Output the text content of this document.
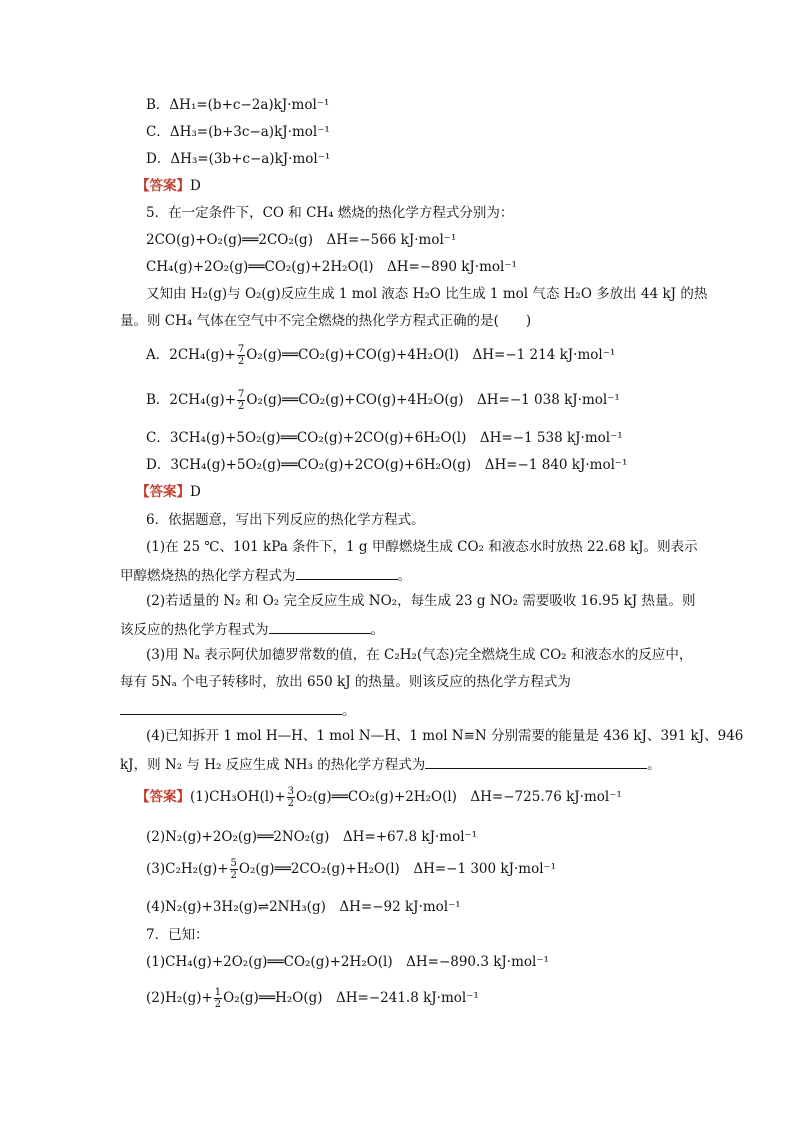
B．ΔH₁=(b+c−2a)kJ·mol⁻¹
C．ΔH₃=(b+3c−a)kJ·mol⁻¹
D．ΔH₃=(3b+c−a)kJ·mol⁻¹
【答案】D
5．在一定条件下，CO 和 CH₄ 燃烧的热化学方程式分别为：
2CO(g)+O₂(g)══2CO₂(g)　ΔH=−566 kJ·mol⁻¹
CH₄(g)+2O₂(g)══CO₂(g)+2H₂O(l)　ΔH=−890 kJ·mol⁻¹
又知由 H₂(g)与 O₂(g)反应生成 1 mol 液态 H₂O 比生成 1 mol 气态 H₂O 多放出 44 kJ 的热
量。则 CH₄ 气体在空气中不完全燃烧的热化学方程式正确的是(　　)
A．$2CH_4(g)+ \frac{7}{2}$ O₂(g)══CO₂(g)+CO(g)+4H₂O(l)　ΔH=−1 214 kJ·mol⁻¹
B．$2CH_4(g)+ \frac{7}{2}$ O₂(g)══CO₂(g)+CO(g)+4H₂O(g)　ΔH=−1 038 kJ·mol⁻¹
C．3CH₄(g)+5O₂(g)══CO₂(g)+2CO(g)+6H₂O(l)　ΔH=−1 538 kJ·mol⁻¹
D．3CH₄(g)+5O₂(g)══CO₂(g)+2CO(g)+6H₂O(g)　ΔH=−1 840 kJ·mol⁻¹
【答案】D
6．依据题意，写出下列反应的热化学方程式。
(1)在 25 ℃、101 kPa 条件下，1 g 甲醇燃烧生成 CO₂ 和液态水时放热 22.68 kJ。则表示
甲醇燃烧热的热化学方程式为	。
(2)若适量的 N₂ 和 O₂ 完全反应生成 NO₂，每生成 23 g NO₂ 需要吸收 16.95 kJ 热量。则
该反应的热化学方程式为	。
(3)用 Nₐ 表示阿伏加德罗常数的值，在 C₂H₂(气态)完全燃烧生成 CO₂ 和液态水的反应中，
每有 5Nₐ 个电子转移时，放出 650 kJ 的热量。则该反应的热化学方程式为
。
(4)已知拆开 1 mol H—H、1 mol N—H、1 mol N≡N 分别需要的能量是 436 kJ、391 kJ、946
kJ，则 N₂ 与 H₂ 反应生成 NH₃ 的热化学方程式为	。
【答案】$(1)CH_3OH(l)+ \frac{3}{2}$ O₂(g)══CO₂(g)+2H₂O(l)　ΔH=−725.76 kJ·mol⁻¹
(2)N₂(g)+2O₂(g)══2NO₂(g)　ΔH=+67.8 kJ·mol⁻¹
$(3)C_2H_2(g)+ \frac{5}{2}$ O₂(g)══2CO₂(g)+H₂O(l)　ΔH=−1 300 kJ·mol⁻¹
(4)N₂(g)+3H₂(g)⇌2NH₃(g)　ΔH=−92 kJ·mol⁻¹
7．已知：
(1)CH₄(g)+2O₂(g)══CO₂(g)+2H₂O(l)　ΔH=−890.3 kJ·mol⁻¹
$(2)H_2(g)+ \frac{1}{2}$ O₂(g)══H₂O(g)　ΔH=−241.8 kJ·mol⁻¹
